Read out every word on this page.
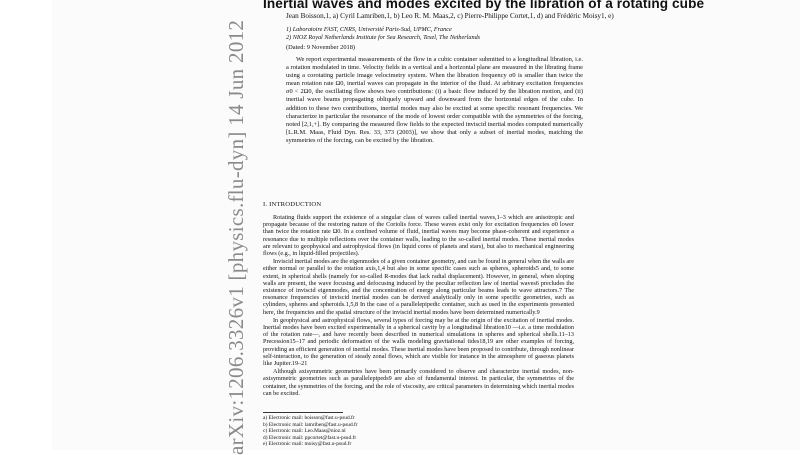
arXiv:1206.3326v1 [physics.flu-dyn] 14 Jun 2012
Inertial waves and modes excited by the libration of a rotating cube
Jean Boisson,1, a) Cyril Lamriben,1, b) Leo R. M. Maas,2, c) Pierre-Philippe Cortet,1, d) and Frédéric Moisy1, e)
1) Laboratoire FAST, CNRS, Université Paris-Sud, UPMC, France
2) NIOZ Royal Netherlands Institute for Sea Research, Texel, The Netherlands
(Dated: 9 November 2018)
We report experimental measurements of the flow in a cubic container submitted to a longitudinal libration, i.e. a rotation modulated in time. Velocity fields in a vertical and a horizontal plane are measured in the librating frame using a corotating particle image velocimetry system. When the libration frequency σ0 is smaller than twice the mean rotation rate Ω0, inertial waves can propagate in the interior of the fluid. At arbitrary excitation frequencies σ0 < 2Ω0, the oscillating flow shows two contributions: (i) a basic flow induced by the libration motion, and (ii) inertial wave beams propagating obliquely upward and downward from the horizontal edges of the cube. In addition to these two contributions, inertial modes may also be excited at some specific resonant frequencies. We characterize in particular the resonance of the mode of lowest order compatible with the symmetries of the forcing, noted [2,1,+]. By comparing the measured flow fields to the expected inviscid inertial modes computed numerically [L.R.M. Maas, Fluid Dyn. Res. 33, 373 (2003)], we show that only a subset of inertial modes, matching the symmetries of the forcing, can be excited by the libration.
I. INTRODUCTION

Rotating fluids support the existence of a singular class of waves called inertial waves,1–3 which are anisotropic and propagate because of the restoring nature of the Coriolis force. These waves exist only for excitation frequencies σ0 lower than twice the rotation rate Ω0. In a confined volume of fluid, inertial waves may become phase-coherent and experience a resonance due to multiple reflections over the container walls, leading to the so-called inertial modes. These inertial modes are relevant to geophysical and astrophysical flows (in liquid cores of planets and stars), but also to mechanical engineering flows (e.g., in liquid-filled projectiles).

Inviscid inertial modes are the eigenmodes of a given container geometry, and can be found in general when the walls are either normal or parallel to the rotation axis,1,4 but also in some specific cases such as spheres, spheroids5 and, to some extent, in spherical shells (namely for so-called R-modes that lack radial displacement). However, in general, when sloping walls are present, the wave focusing and defocusing induced by the peculiar reflection law of inertial waves6 precludes the existence of inviscid eigenmodes, and the concentration of energy along particular beams leads to wave attractors.7 The resonance frequencies of inviscid inertial modes can be derived analytically only in some specific geometries, such as cylinders, spheres and spheroids.1,5,8 In the case of a parallelepipedic container, such as used in the experiments presented here, the frequencies and the spatial structure of the inviscid inertial modes have been determined numerically.9

In geophysical and astrophysical flows, several types of forcing may be at the origin of the excitation of inertial modes. Inertial modes have been excited experimentally in a spherical cavity by a longitudinal libration10 —i.e. a time modulation of the rotation rate—, and have recently been described in numerical simulations in spheres and spherical shells.11–13 Precession15–17 and periodic deformation of the walls modeling gravitational tides18,19 are other examples of forcing, providing an efficient generation of inertial modes. These inertial modes have been proposed to contribute, through nonlinear self-interaction, to the generation of steady zonal flows, which are visible for instance in the atmosphere of gaseous planets like Jupiter.19–21

Although axisymmetric geometries have been primarily considered to observe and characterize inertial modes, non-axisymmetric geometries such as parallelepipeds9 are also of fundamental interest. In particular, the symmetries of the container, the symmetries of the forcing, and the role of viscosity, are critical parameters in determining which inertial modes can be excited.

a) Electronic mail: boisson@fast.u-psud.fr
b) Electronic mail: lamriben@fast.u-psud.fr
c) Electronic mail: Leo.Maas@nioz.nl
d) Electronic mail: ppcortet@fast.u-psud.fr
e) Electronic mail: moisy@fast.u-psud.fr
